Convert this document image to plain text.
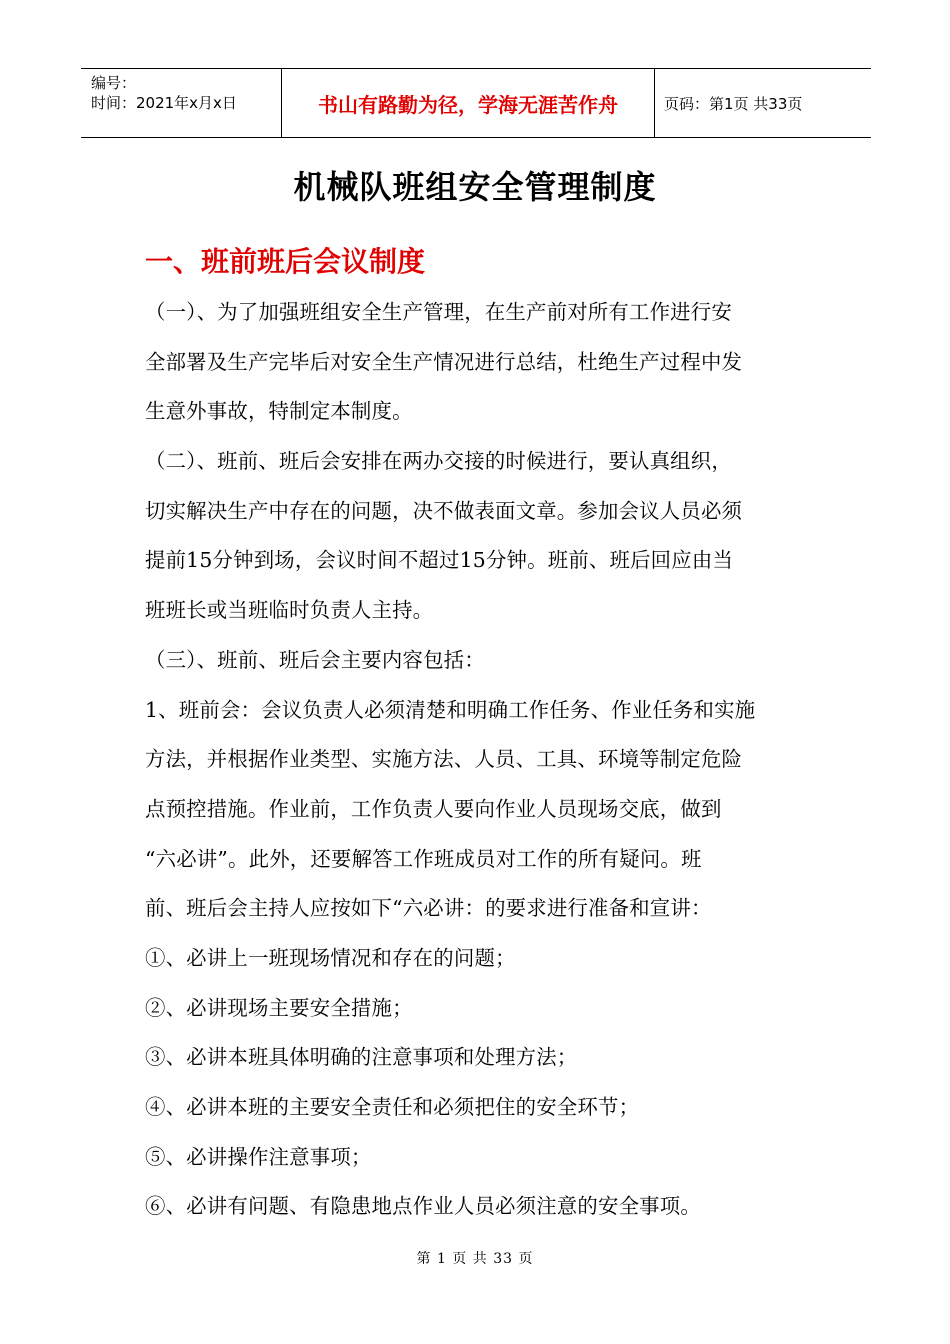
编号：
时间：2021年x月x日	书山有路勤为径，学海无涯苦作舟	页码：第1页 共33页
机械队班组安全管理制度
一、班前班后会议制度
（一）、为了加强班组安全生产管理，在生产前对所有工作进行安
全部署及生产完毕后对安全生产情况进行总结，杜绝生产过程中发
生意外事故，特制定本制度。
（二）、班前、班后会安排在两办交接的时候进行，要认真组织，
切实解决生产中存在的问题，决不做表面文章。参加会议人员必须
提前15分钟到场，会议时间不超过15分钟。班前、班后回应由当
班班长或当班临时负责人主持。
（三）、班前、班后会主要内容包括：
1、班前会：会议负责人必须清楚和明确工作任务、作业任务和实施
方法，并根据作业类型、实施方法、人员、工具、环境等制定危险
点预控措施。作业前，工作负责人要向作业人员现场交底，做到
“六必讲”。此外，还要解答工作班成员对工作的所有疑问。班
前、班后会主持人应按如下“六必讲：的要求进行准备和宣讲：
①、必讲上一班现场情况和存在的问题；
②、必讲现场主要安全措施；
③、必讲本班具体明确的注意事项和处理方法；
④、必讲本班的主要安全责任和必须把住的安全环节；
⑤、必讲操作注意事项；
⑥、必讲有问题、有隐患地点作业人员必须注意的安全事项。
第 1 页 共 33 页
